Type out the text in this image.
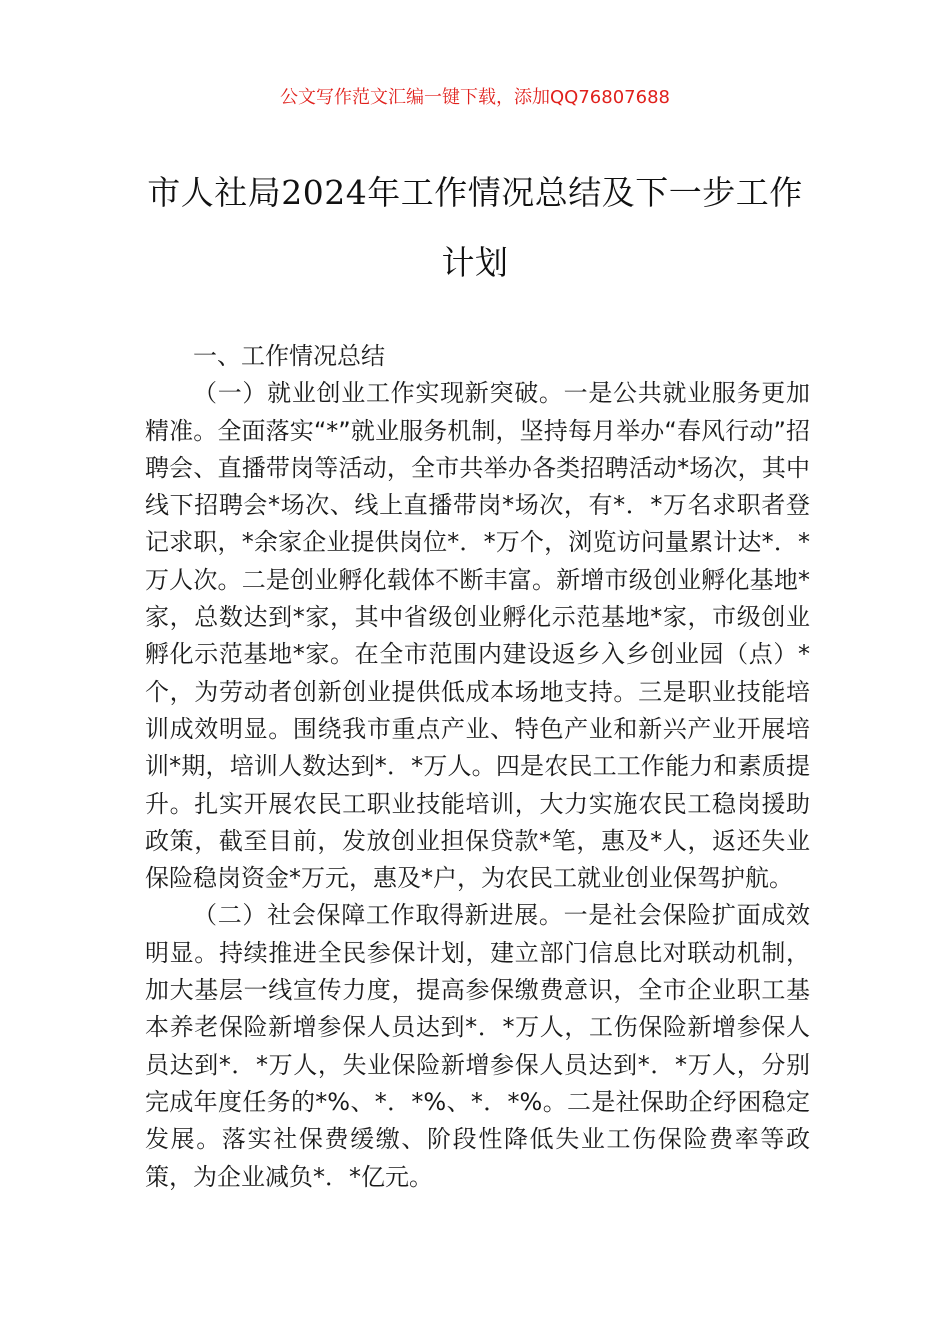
公文写作范文汇编一键下载，添加QQ76807688
市人社局2024年工作情况总结及下一步工作计划

一、工作情况总结

（一）就业创业工作实现新突破。一是公共就业服务更加精准。全面落实“*”就业服务机制，坚持每月举办“春风行动”招聘会、直播带岗等活动，全市共举办各类招聘活动*场次，其中线下招聘会*场次、线上直播带岗*场次，有*．*万名求职者登记求职，*余家企业提供岗位*．*万个，浏览访问量累计达*．*万人次。二是创业孵化载体不断丰富。新增市级创业孵化基地*家，总数达到*家，其中省级创业孵化示范基地*家，市级创业孵化示范基地*家。在全市范围内建设返乡入乡创业园（点）*个，为劳动者创新创业提供低成本场地支持。三是职业技能培训成效明显。围绕我市重点产业、特色产业和新兴产业开展培训*期，培训人数达到*．*万人。四是农民工工作能力和素质提升。扎实开展农民工职业技能培训，大力实施农民工稳岗援助政策，截至目前，发放创业担保贷款*笔，惠及*人，返还失业保险稳岗资金*万元，惠及*户，为农民工就业创业保驾护航。

（二）社会保障工作取得新进展。一是社会保险扩面成效明显。持续推进全民参保计划，建立部门信息比对联动机制，加大基层一线宣传力度，提高参保缴费意识，全市企业职工基本养老保险新增参保人员达到*．*万人，工伤保险新增参保人员达到*．*万人，失业保险新增参保人员达到*．*万人，分别完成年度任务的*%、*．*%、*．*%。二是社保助企纾困稳定发展。落实社保费缓缴、阶段性降低失业工伤保险费率等政策，为企业减负*．*亿元。
